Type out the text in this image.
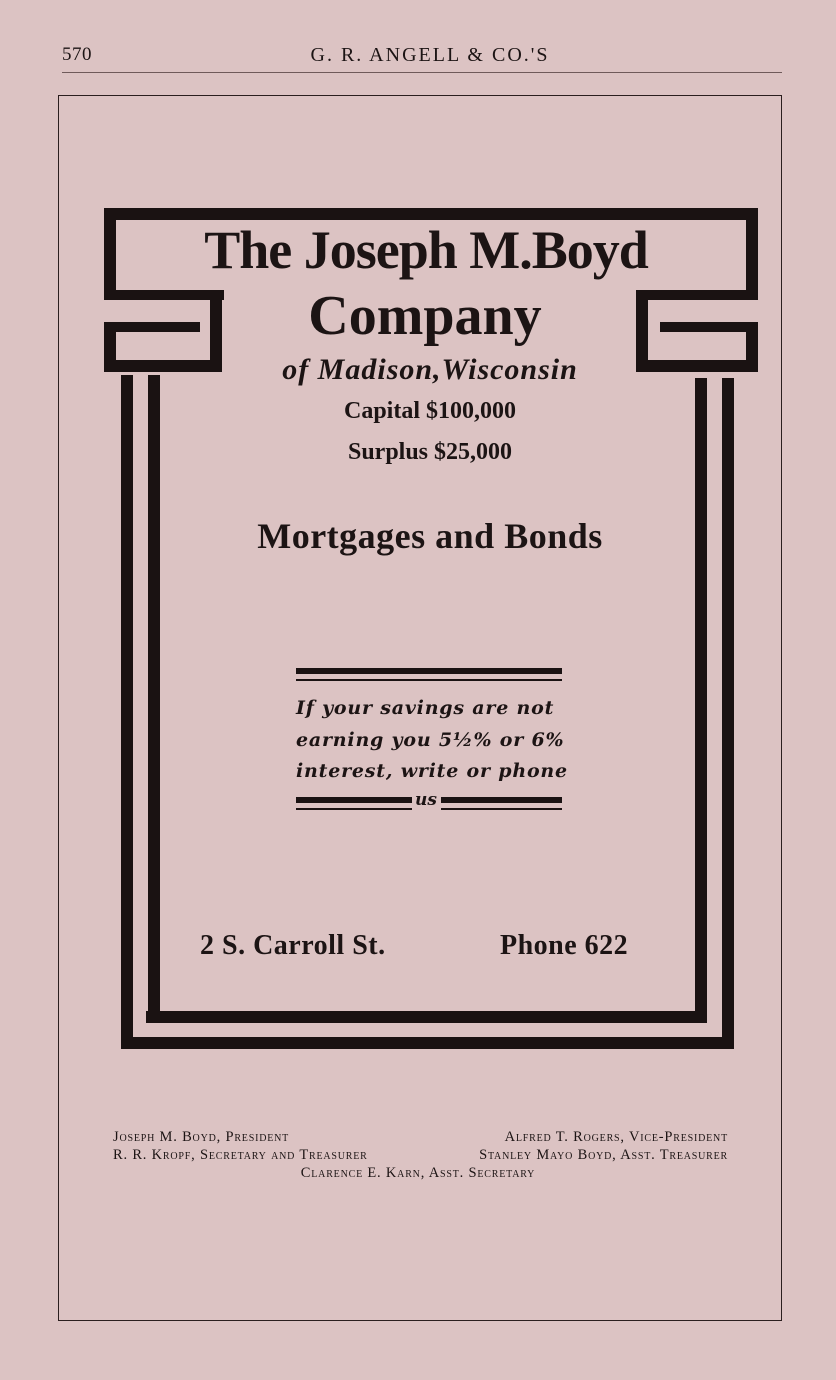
570	G. R. ANGELL & CO.'S
The Joseph M.Boyd
Company
of Madison,Wisconsin
Capital $100,000
Surplus $25,000
Mortgages and Bonds
If your savings are not
earning you 5½% or 6%
interest, write or phone
us
2 S. Carroll St.	Phone 622
Joseph M. Boyd, President	Alfred T. Rogers, Vice-President
R. R. Kropf, Secretary and Treasurer	Stanley Mayo Boyd, Asst. Treasurer
Clarence E. Karn, Asst. Secretary
